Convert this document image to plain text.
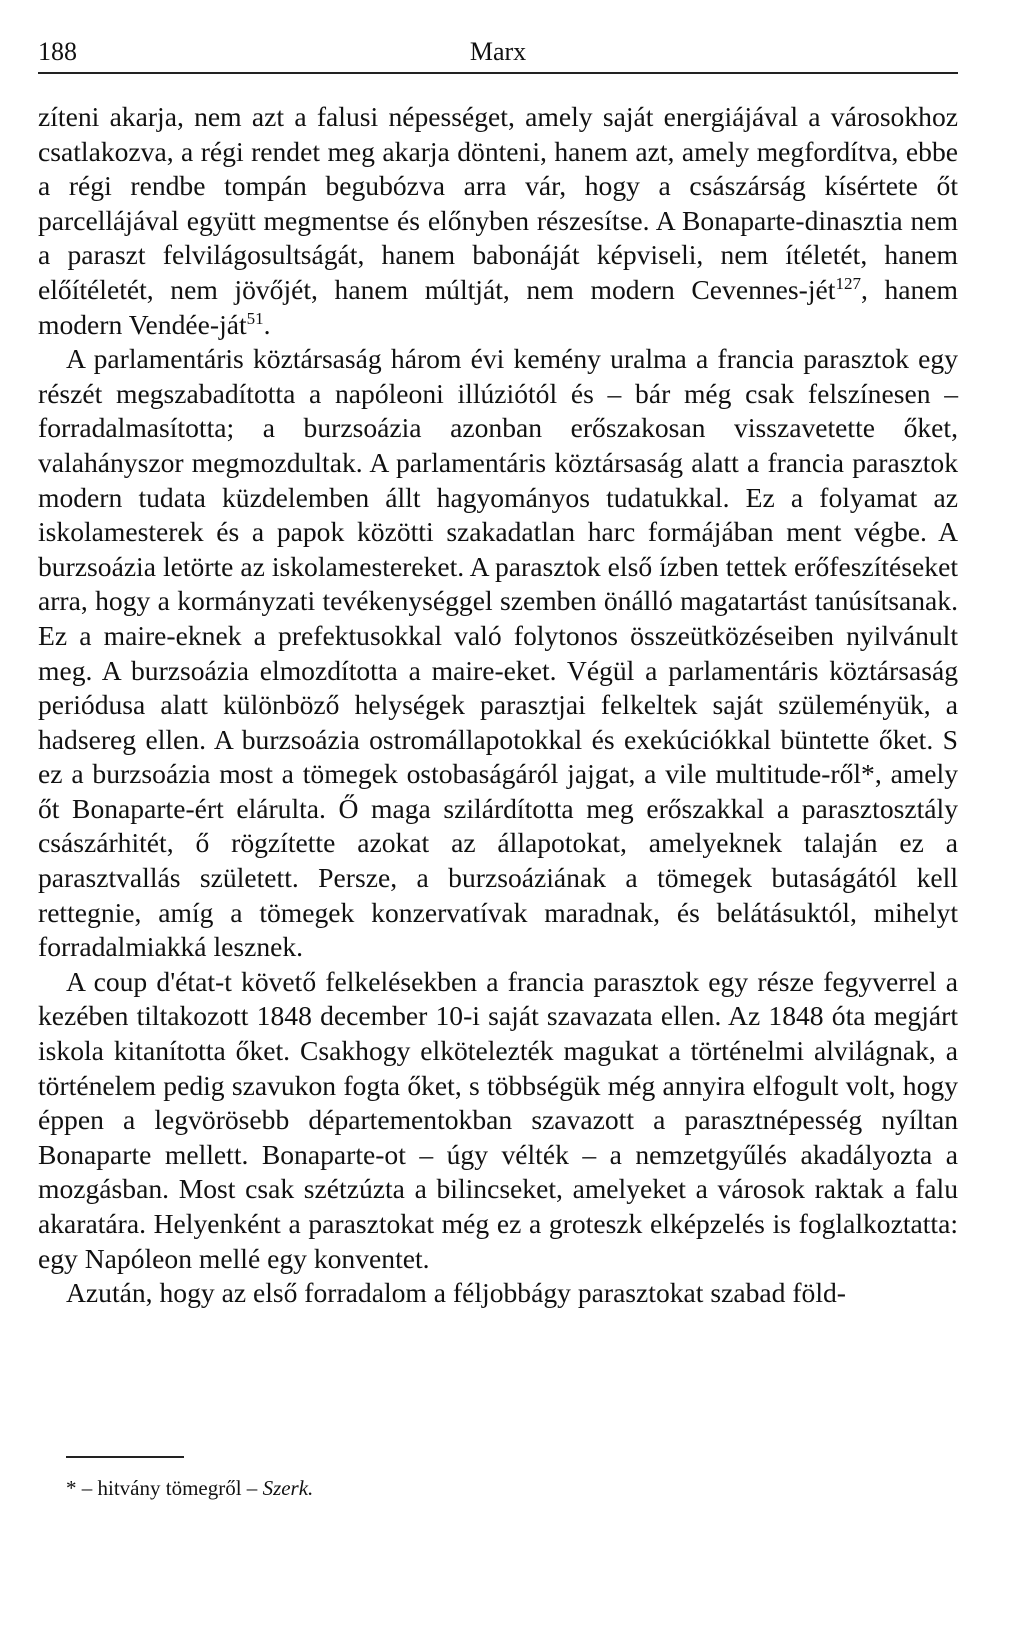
188	Marx

zíteni akarja, nem azt a falusi népességet, amely saját energiájával a városokhoz csatlakozva, a régi rendet meg akarja dönteni, hanem azt, amely megfordítva, ebbe a régi rendbe tompán begubózva arra vár, hogy a császárság kísértete őt parcellájával együtt megmentse és előnyben részesítse. A Bonaparte-dinasztia nem a paraszt felvilágosultságát, hanem babonáját képviseli, nem ítéletét, hanem előítéletét, nem jövőjét, hanem múltját, nem modern Cevennes-jét$^{127}$, hanem modern Vendée-ját$^{51}$.

A parlamentáris köztársaság három évi kemény uralma a francia parasztok egy részét megszabadította a napóleoni illúziótól és – bár még csak felszínesen – forradalmasította; a burzsoázia azonban erőszakosan visszavetette őket, valahányszor megmozdultak. A parlamentáris köztársaság alatt a francia parasztok modern tudata küzdelemben állt hagyományos tudatukkal. Ez a folyamat az iskolamesterek és a papok közötti szakadatlan harc formájában ment végbe. A burzsoázia letörte az iskolamestereket. A parasztok első ízben tettek erőfeszítéseket arra, hogy a kormányzati tevékenységgel szemben önálló magatartást tanúsítsanak. Ez a maire-eknek a prefektusokkal való folytonos összeütközéseiben nyilvánult meg. A burzsoázia elmozdította a maire-eket. Végül a parlamentáris köztársaság periódusa alatt különböző helységek parasztjai felkeltek saját szüleményük, a hadsereg ellen. A burzsoázia ostromállapotokkal és exekúciókkal büntette őket. S ez a burzsoázia most a tömegek ostobaságáról jajgat, a vile multitude-ről*, amely őt Bonaparte-ért elárulta. Ő maga szilárdította meg erőszakkal a parasztosztály császárhitét, ő rögzítette azokat az állapotokat, amelyeknek talaján ez a parasztvallás született. Persze, a burzsoáziának a tömegek butaságától kell rettegnie, amíg a tömegek konzervatívak maradnak, és belátásuktól, mihelyt forradalmiakká lesznek.

A coup d'état-t követő felkelésekben a francia parasztok egy része fegyverrel a kezében tiltakozott 1848 december 10-i saját szavazata ellen. Az 1848 óta megjárt iskola kitanította őket. Csakhogy elkötelezték magukat a történelmi alvilágnak, a történelem pedig szavukon fogta őket, s többségük még annyira elfogult volt, hogy éppen a legvörösebb départementokban szavazott a parasztnépesség nyíltan Bonaparte mellett. Bonaparte-ot – úgy vélték – a nemzetgyűlés akadályozta a mozgásban. Most csak szétzúzta a bilincseket, amelyeket a városok raktak a falu akaratára. Helyenként a parasztokat még ez a groteszk elképzelés is foglalkoztatta: egy Napóleon mellé egy konventet.

Azután, hogy az első forradalom a féljobbágy parasztokat szabad föld-

* – hitvány tömegről – Szerk.
